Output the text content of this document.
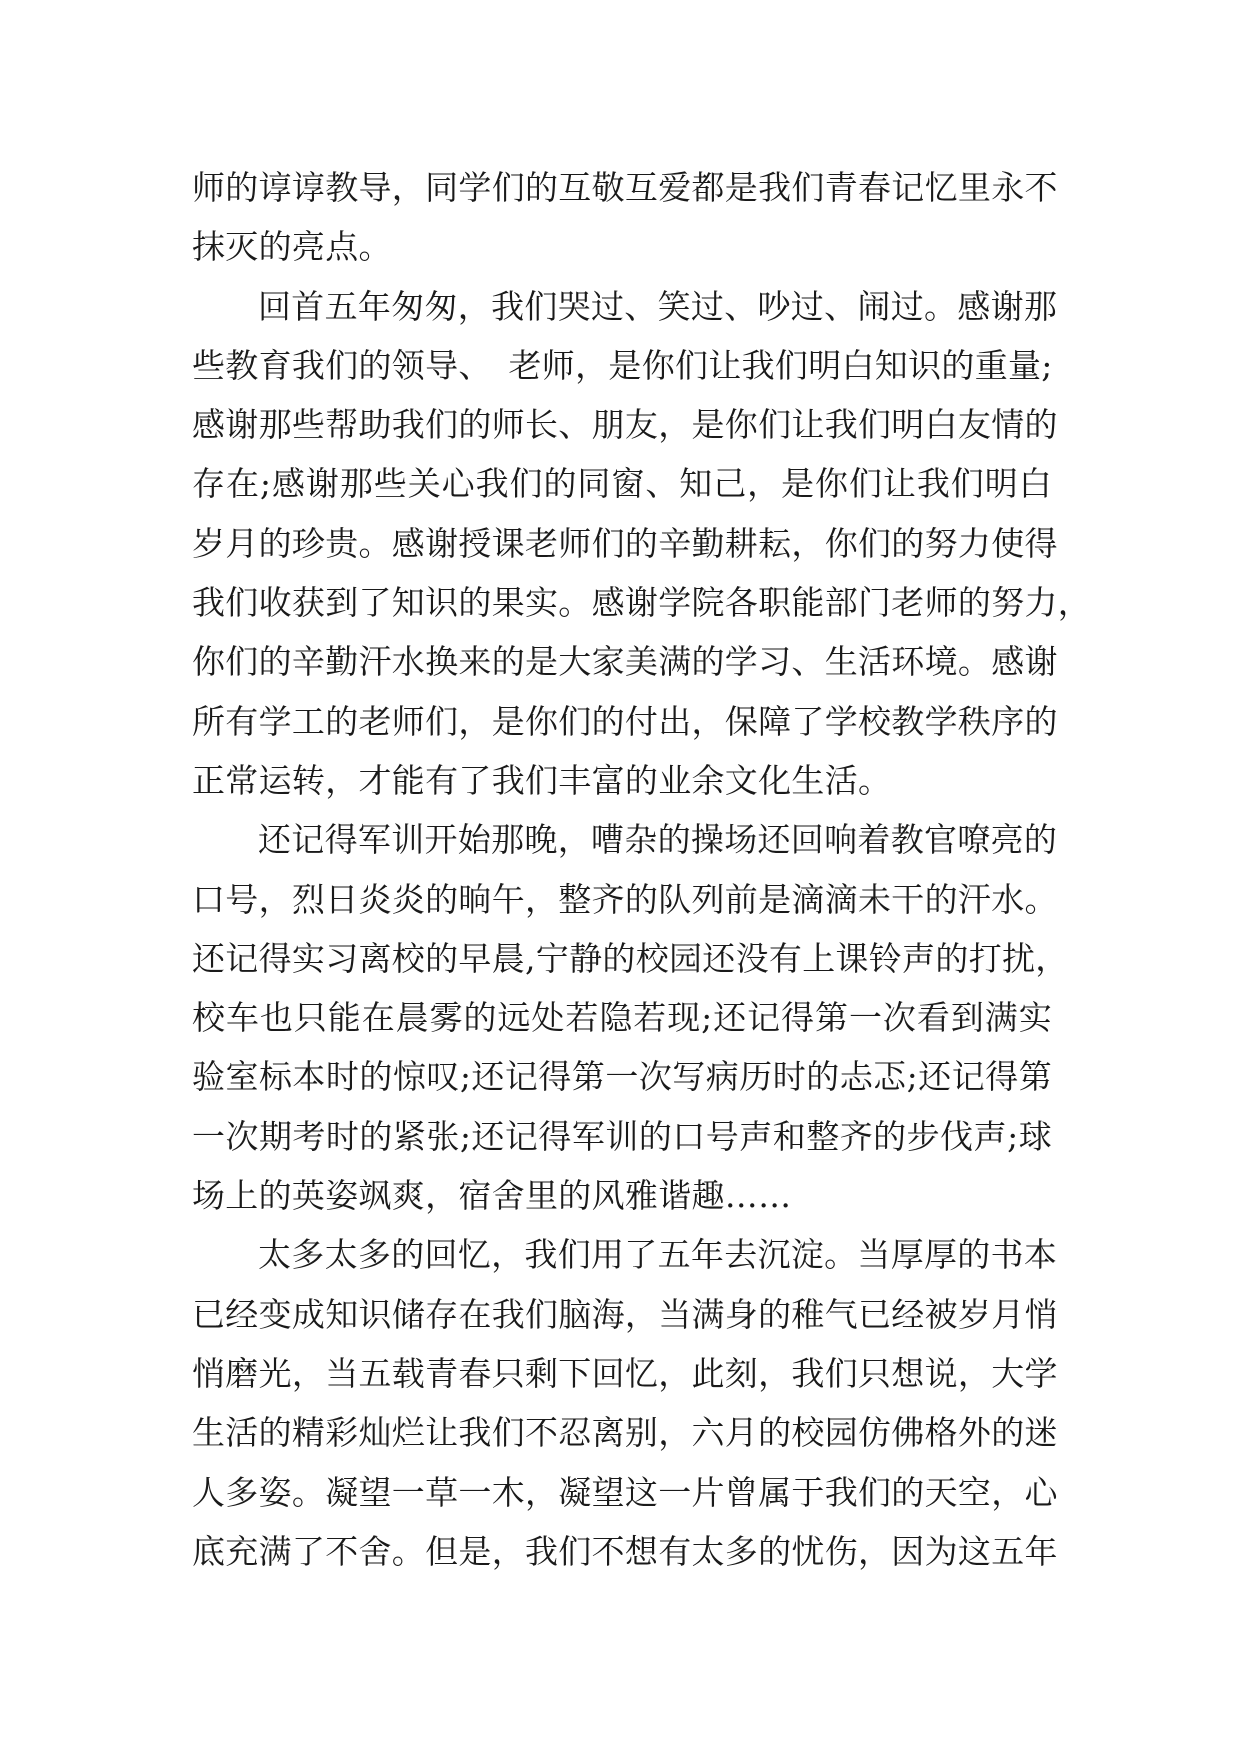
师的谆谆教导，同学们的互敬互爱都是我们青春记忆里永不
抹灭的亮点。
回首五年匆匆，我们哭过、笑过、吵过、闹过。感谢那
些教育我们的领导、　老师，是你们让我们明白知识的重量;
感谢那些帮助我们的师长、朋友，是你们让我们明白友情的
存在;感谢那些关心我们的同窗、知己，是你们让我们明白
岁月的珍贵。感谢授课老师们的辛勤耕耘，你们的努力使得
我们收获到了知识的果实。感谢学院各职能部门老师的努力，
你们的辛勤汗水换来的是大家美满的学习、生活环境。感谢
所有学工的老师们，是你们的付出，保障了学校教学秩序的
正常运转，才能有了我们丰富的业余文化生活。
还记得军训开始那晚，嘈杂的操场还回响着教官嘹亮的
口号，烈日炎炎的晌午，整齐的队列前是滴滴未干的汗水。
还记得实习离校的早晨,宁静的校园还没有上课铃声的打扰，
校车也只能在晨雾的远处若隐若现;还记得第一次看到满实
验室标本时的惊叹;还记得第一次写病历时的忐忑;还记得第
一次期考时的紧张;还记得军训的口号声和整齐的步伐声;球
场上的英姿飒爽，宿舍里的风雅谐趣……
太多太多的回忆，我们用了五年去沉淀。当厚厚的书本
已经变成知识储存在我们脑海，当满身的稚气已经被岁月悄
悄磨光，当五载青春只剩下回忆，此刻，我们只想说，大学
生活的精彩灿烂让我们不忍离别，六月的校园仿佛格外的迷
人多姿。凝望一草一木，凝望这一片曾属于我们的天空，心
底充满了不舍。但是，我们不想有太多的忧伤，因为这五年
